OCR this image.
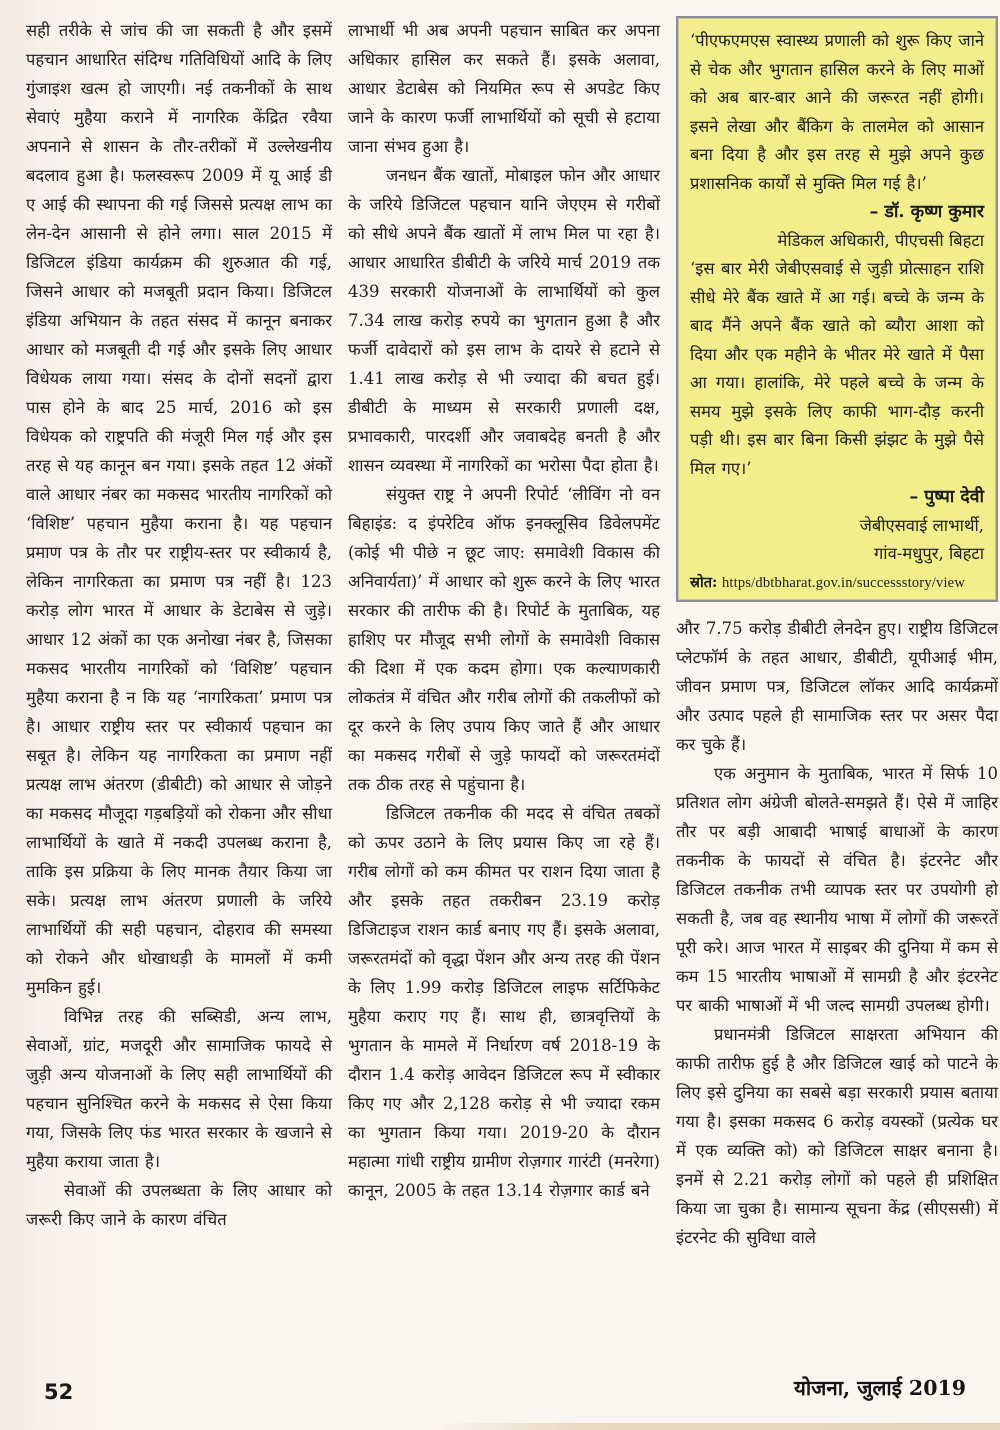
सही तरीके से जांच की जा सकती है और इसमें पहचान आधारित संदिग्ध गतिविधियों आदि के लिए गुंजाइश खत्म हो जाएगी। नई तकनीकों के साथ सेवाएं मुहैया कराने में नागरिक केंद्रित रवैया अपनाने से शासन के तौर-तरीकों में उल्लेखनीय बदलाव हुआ है। फलस्वरूप 2009 में यू आई डी ए आई की स्थापना की गई जिससे प्रत्यक्ष लाभ का लेन-देन आसानी से होने लगा। साल 2015 में डिजिटल इंडिया कार्यक्रम की शुरुआत की गई, जिसने आधार को मजबूती प्रदान किया। डिजिटल इंडिया अभियान के तहत संसद में कानून बनाकर आधार को मजबूती दी गई और इसके लिए आधार विधेयक लाया गया। संसद के दोनों सदनों द्वारा पास होने के बाद 25 मार्च, 2016 को इस विधेयक को राष्ट्रपति की मंजूरी मिल गई और इस तरह से यह कानून बन गया। इसके तहत 12 अंकों वाले आधार नंबर का मकसद भारतीय नागरिकों को ‘विशिष्ट’ पहचान मुहैया कराना है। यह पहचान प्रमाण पत्र के तौर पर राष्ट्रीय-स्तर पर स्वीकार्य है, लेकिन नागरिकता का प्रमाण पत्र नहीं है। 123 करोड़ लोग भारत में आधार के डेटाबेस से जुड़े। आधार 12 अंकों का एक अनोखा नंबर है, जिसका मकसद भारतीय नागरिकों को ‘विशिष्ट’ पहचान मुहैया कराना है न कि यह ‘नागरिकता’ प्रमाण पत्र है। आधार राष्ट्रीय स्तर पर स्वीकार्य पहचान का सबूत है। लेकिन यह नागरिकता का प्रमाण नहीं प्रत्यक्ष लाभ अंतरण (डीबीटी) को आधार से जोड़ने का मकसद मौजूदा गड़बड़ियों को रोकना और सीधा लाभार्थियों के खाते में नकदी उपलब्ध कराना है, ताकि इस प्रक्रिया के लिए मानक तैयार किया जा सके। प्रत्यक्ष लाभ अंतरण प्रणाली के जरिये लाभार्थियों की सही पहचान, दोहराव की समस्या को रोकने और धोखाधड़ी के मामलों में कमी मुमकिन हुई।

विभिन्न तरह की सब्सिडी, अन्य लाभ, सेवाओं, ग्रांट, मजदूरी और सामाजिक फायदे से जुड़ी अन्य योजनाओं के लिए सही लाभार्थियों की पहचान सुनिश्चित करने के मकसद से ऐसा किया गया, जिसके लिए फंड भारत सरकार के खजाने से मुहैया कराया जाता है।

सेवाओं की उपलब्धता के लिए आधार को जरूरी किए जाने के कारण वंचित

लाभार्थी भी अब अपनी पहचान साबित कर अपना अधिकार हासिल कर सकते हैं। इसके अलावा, आधार डेटाबेस को नियमित रूप से अपडेट किए जाने के कारण फर्जी लाभार्थियों को सूची से हटाया जाना संभव हुआ है।

जनधन बैंक खातों, मोबाइल फोन और आधार के जरिये डिजिटल पहचान यानि जेएएम से गरीबों को सीधे अपने बैंक खातों में लाभ मिल पा रहा है। आधार आधारित डीबीटी के जरिये मार्च 2019 तक 439 सरकारी योजनाओं के लाभार्थियों को कुल 7.34 लाख करोड़ रुपये का भुगतान हुआ है और फर्जी दावेदारों को इस लाभ के दायरे से हटाने से 1.41 लाख करोड़ से भी ज्यादा की बचत हुई। डीबीटी के माध्यम से सरकारी प्रणाली दक्ष, प्रभावकारी, पारदर्शी और जवाबदेह बनती है और शासन व्यवस्था में नागरिकों का भरोसा पैदा होता है।

संयुक्त राष्ट्र ने अपनी रिपोर्ट ‘लीविंग नो वन बिहाइंड: द इंपरेटिव ऑफ इनक्लूसिव डिवेलपमेंट (कोई भी पीछे न छूट जाए: समावेशी विकास की अनिवार्यता)’ में आधार को शुरू करने के लिए भारत सरकार की तारीफ की है। रिपोर्ट के मुताबिक, यह हाशिए पर मौजूद सभी लोगों के समावेशी विकास की दिशा में एक कदम होगा। एक कल्याणकारी लोकतंत्र में वंचित और गरीब लोगों की तकलीफों को दूर करने के लिए उपाय किए जाते हैं और आधार का मकसद गरीबों से जुड़े फायदों को जरूरतमंदों तक ठीक तरह से पहुंचाना है।

डिजिटल तकनीक की मदद से वंचित तबकों को ऊपर उठाने के लिए प्रयास किए जा रहे हैं। गरीब लोगों को कम कीमत पर राशन दिया जाता है और इसके तहत तकरीबन 23.19 करोड़ डिजिटाइज राशन कार्ड बनाए गए हैं। इसके अलावा, जरूरतमंदों को वृद्धा पेंशन और अन्य तरह की पेंशन के लिए 1.99 करोड़ डिजिटल लाइफ सर्टिफिकेट मुहैया कराए गए हैं। साथ ही, छात्रवृत्तियों के भुगतान के मामले में निर्धारण वर्ष 2018-19 के दौरान 1.4 करोड़ आवेदन डिजिटल रूप में स्वीकार किए गए और 2,128 करोड़ से भी ज्यादा रकम का भुगतान किया गया। 2019-20 के दौरान महात्मा गांधी राष्ट्रीय ग्रामीण रोज़गार गारंटी (मनरेगा) कानून, 2005 के तहत 13.14 रोज़गार कार्ड बने

‘पीएफएमएस स्वास्थ्य प्रणाली को शुरू किए जाने से चेक और भुगतान हासिल करने के लिए माओं को अब बार-बार आने की जरूरत नहीं होगी। इसने लेखा और बैंकिग के तालमेल को आसान बना दिया है और इस तरह से मुझे अपने कुछ प्रशासनिक कार्यों से मुक्ति मिल गई है।’

– डॉ. कृष्ण कुमार

मेडिकल अधिकारी, पीएचसी बिहटा

‘इस बार मेरी जेबीएसवाई से जुड़ी प्रोत्साहन राशि सीधे मेरे बैंक खाते में आ गई। बच्चे के जन्म के बाद मैंने अपने बैंक खाते को ब्यौरा आशा को दिया और एक महीने के भीतर मेरे खाते में पैसा आ गया। हालांकि, मेरे पहले बच्चे के जन्म के समय मुझे इसके लिए काफी भाग-दौड़ करनी पड़ी थी। इस बार बिना किसी झंझट के मुझे पैसे मिल गए।’

– पुष्पा देवी

जेबीएसवाई लाभार्थी,

गांव-मधुपुर, बिहटा

स्रोत: https/dbtbharat.gov.in/successstory/view

और 7.75 करोड़ डीबीटी लेनदेन हुए। राष्ट्रीय डिजिटल प्लेटफॉर्म के तहत आधार, डीबीटी, यूपीआई भीम, जीवन प्रमाण पत्र, डिजिटल लॉकर आदि कार्यक्रमों और उत्पाद पहले ही सामाजिक स्तर पर असर पैदा कर चुके हैं।

एक अनुमान के मुताबिक, भारत में सिर्फ 10 प्रतिशत लोग अंग्रेजी बोलते-समझते हैं। ऐसे में जाहिर तौर पर बड़ी आबादी भाषाई बाधाओं के कारण तकनीक के फायदों से वंचित है। इंटरनेट और डिजिटल तकनीक तभी व्यापक स्तर पर उपयोगी हो सकती है, जब वह स्थानीय भाषा में लोगों की जरूरतें पूरी करे। आज भारत में साइबर की दुनिया में कम से कम 15 भारतीय भाषाओं में सामग्री है और इंटरनेट पर बाकी भाषाओं में भी जल्द सामग्री उपलब्ध होगी।

प्रधानमंत्री डिजिटल साक्षरता अभियान की काफी तारीफ हुई है और डिजिटल खाई को पाटने के लिए इसे दुनिया का सबसे बड़ा सरकारी प्रयास बताया गया है। इसका मकसद 6 करोड़ वयस्कों (प्रत्येक घर में एक व्यक्ति को) को डिजिटल साक्षर बनाना है। इनमें से 2.21 करोड़ लोगों को पहले ही प्रशिक्षित किया जा चुका है। सामान्य सूचना केंद्र (सीएससी) में इंटरनेट की सुविधा वाले

52	योजना, जुलाई 2019
